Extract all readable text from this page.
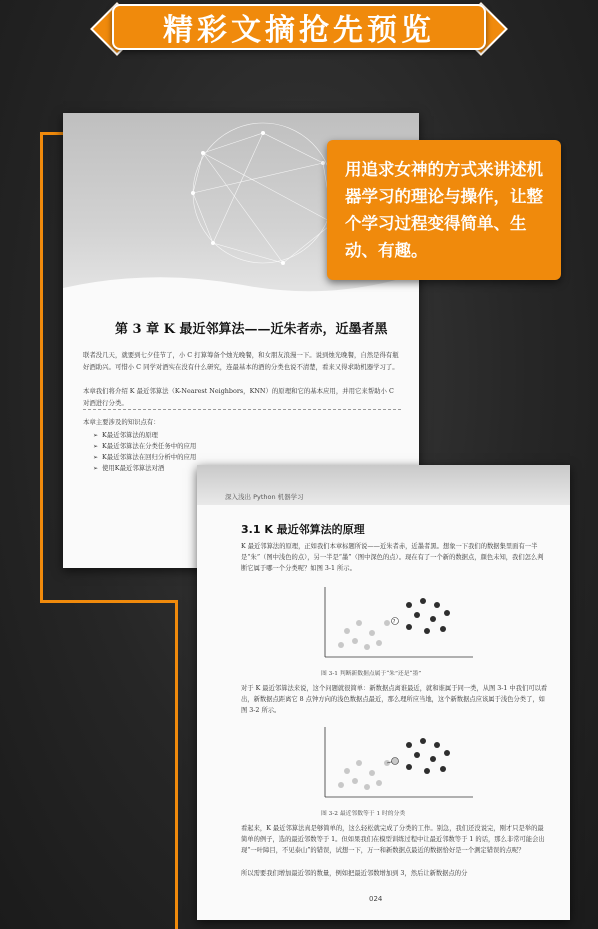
精彩文摘抢先预览
第 3 章 K 最近邻算法——近朱者赤，近墨者黑
联者没几天，就要到七夕佳节了，小 C 打算筹备个烛光晚餐，和女朋友浪漫一下。说到烛光晚餐，自然是得有瓶好酒助兴。可惜小 C 同学对酒实在没有什么研究，连最基本的酒的分类也说不清楚，看来又得求助机器学习了。
本章我们将介绍 K 最近邻算法（K-Nearest Neighbors，KNN）的原理和它的基本应用，并用它来帮助小 C 对酒进行分类。
本章主要涉及的知识点有：
➢ K最近邻算法的原理
➢ K最近邻算法在分类任务中的应用
➢ K最近邻算法在回归分析中的应用
➢ 使用K最近邻算法对酒
用追求女神的方式来讲述机器学习的理论与操作，让整个学习过程变得简单、生动、有趣。
深入浅出 Python 机器学习
3.1 K 最近邻算法的原理
K 最近邻算法的原理，正如我们本章标题所说——近朱者赤，近墨者黑。想象一下我们的数据集里面有一半是“朱”（图中浅色的点），另一半是“墨”（图中深色的点）。现在有了一个新的数据点，颜色未知，我们怎么判断它属于哪一个分类呢？如图 3-1 所示。
?
图 3-1 判断新数据点属于“朱”还是“墨”
对于 K 最近邻算法来说，这个问题就很简单：新数据点离谁最近，就和谁属于同一类，从图 3-1 中我们可以看出，新数据点距离它 8 点钟方向的浅色数据点最近，那么理所应当地，这个新数据点应该属于浅色分类了，如图 3-2 所示。
图 3-2 最近邻数等于 1 时的分类
看起来，K 最近邻算法真是够简单的，这么轻松就完成了分类的工作。别急，我们还没说完，刚才只是举的最简单的例子，选的最近邻数等于 1。但如果我们在模型训练过程中让最近邻数等于 1 的话，那么非常可能会出现“一叶障目，不见泰山”的错误，试想一下，万一和新数据点最近的数据恰好是一个测定错误的点呢？
所以需要我们增加最近邻的数量，例如把最近邻数增加到 3，然后让新数据点的分
024
